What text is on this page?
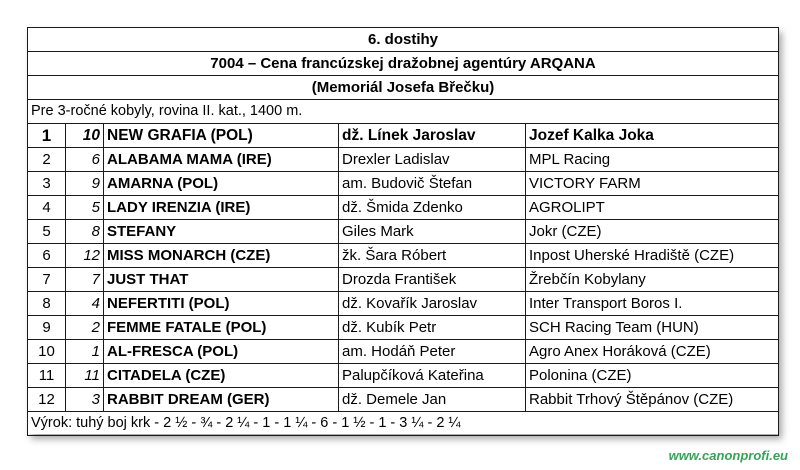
6. dostihy				
7004 – Cena francúzskej dražobnej agentúry ARQANA				
(Memoriál Josefa Břečku)				
Pre 3-ročné kobyly, rovina II. kat., 1400 m.				
1	10	NEW GRAFIA (POL)	dž. Línek Jaroslav	Jozef Kalka Joka
2	6	ALABAMA MAMA (IRE)	Drexler Ladislav	MPL Racing
3	9	AMARNA (POL)	am. Budovič Štefan	VICTORY FARM
4	5	LADY IRENZIA (IRE)	dž. Šmida Zdenko	AGROLIPT
5	8	STEFANY	Giles Mark	Jokr (CZE)
6	12	MISS MONARCH (CZE)	žk. Šara Róbert	Inpost Uherské Hradiště (CZE)
7	7	JUST THAT	Drozda František	Žrebčín Kobylany
8	4	NEFERTITI (POL)	dž. Kovařík Jaroslav	Inter Transport Boros I.
9	2	FEMME FATALE (POL)	dž. Kubík Petr	SCH Racing Team (HUN)
10	1	AL-FRESCA (POL)	am. Hodáň Peter	Agro Anex Horáková (CZE)
11	11	CITADELA (CZE)	Palupčíková Kateřina	Polonina (CZE)
12	3	RABBIT DREAM (GER)	dž. Demele Jan	Rabbit Trhový Štěpánov (CZE)
Výrok: tuhý boj krk - 2 ½ - ¾ - 2 ¼ - 1 - 1 ¼ - 6 - 1 ½ - 1 - 3 ¼ - 2 ¼				
www.canonprofi.eu
